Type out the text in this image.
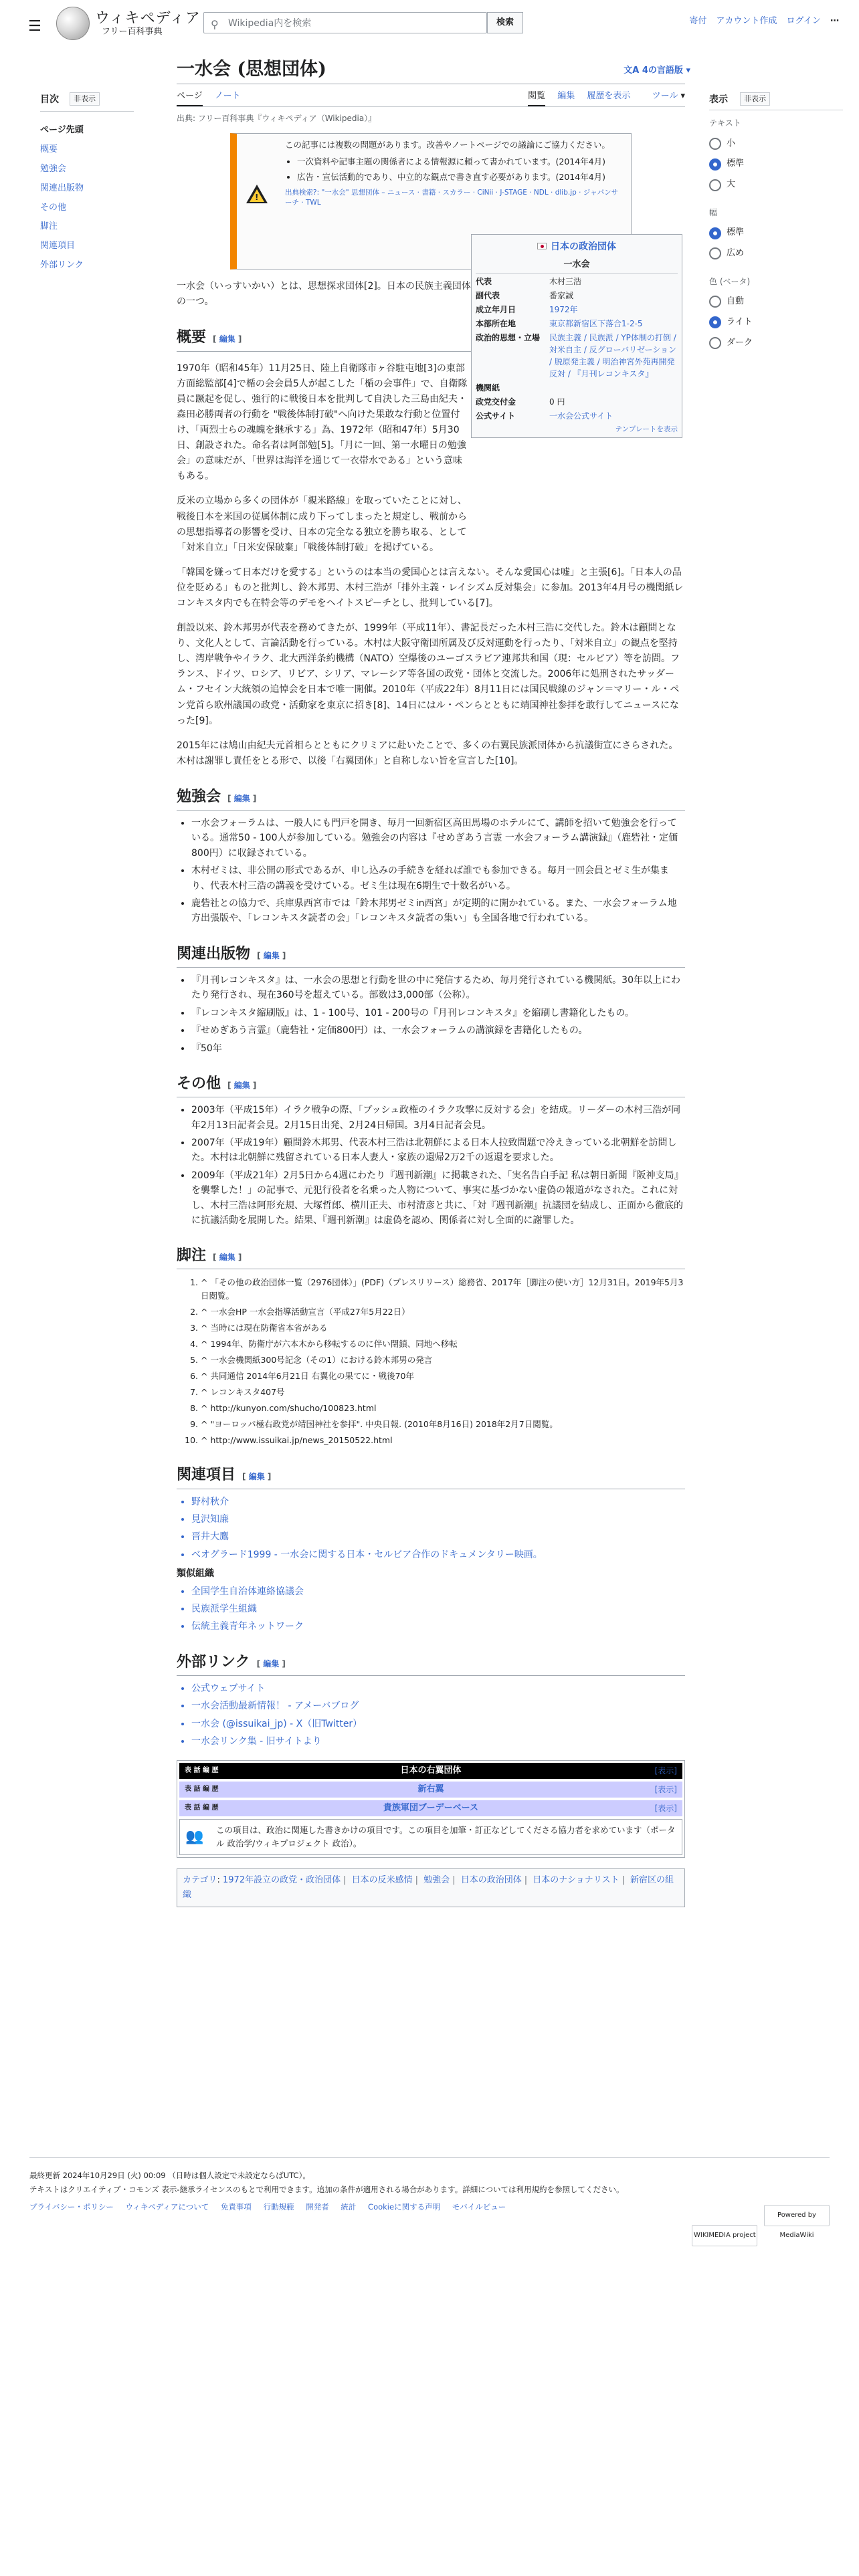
☰	ウィキペディア
フリー百科事典
⚲ Wikipedia内を検索	検索	寄付 アカウント作成 ログイン ⋯
目次	非表示
ページ先頭
概要
勉強会
関連出版物
その他
脚注
関連項目
外部リンク
表示	非表示
テキスト
小
標準
大
幅
標準
広め
色 (ベータ)
自動
ライト
ダーク
一水会 (思想団体)	文A 4の言語版 ▾
ページ ノート	閲覧 編集 履歴を表示 ツール ▾
出典: フリー百科事典『ウィキペディア（Wikipedia）』
!
この記事には複数の問題があります。改善やノートページでの議論にご協力ください。
• 一次資料や記事主題の関係者による情報源に頼って書かれています。(2014年4月)
• 広告・宣伝活動的であり、中立的な観点で書き直す必要があります。(2014年4月)
出典検索?: "一水会" 思想団体 – ニュース · 書籍 · スカラー · CiNii · J-STAGE · NDL · dlib.jp · ジャパンサーチ · TWL
一水会（いっすいかい）とは、思想探求団体[2]。日本の民族主義団体の一つ。
概要 [ 編集 ]
1970年（昭和45年）11月25日、陸上自衛隊市ヶ谷駐屯地[3]の東部方面総監部[4]で楯の会会員5人が起こした「楯の会事件」で、自衛隊員に蹶起を促し、強行的に戦後日本を批判して自決した三島由紀夫・森田必勝両者の行動を "戦後体制打破"へ向けた果敢な行動と位置付け、「両烈士らの魂魄を継承する」為、1972年（昭和47年）5月30日、創設された。命名者は阿部勉[5]。「月に一回、第一水曜日の勉強会」の意味だが、「世界は海洋を通じて一衣帯水である」という意味もある。
反米の立場から多くの団体が「親米路線」を取っていたことに対し、戦後日本を米国の従属体制に成り下ってしまったと規定し、戦前からの思想指導者の影響を受け、日本の完全なる独立を勝ち取る、として「対米自立」「日米安保破棄」「戦後体制打破」を掲げている。
「韓国を嫌って日本だけを愛する」というのは本当の愛国心とは言えない。そんな愛国心は嘘」と主張[6]。「日本人の品位を貶める」ものと批判し、鈴木邦男、木村三浩が「排外主義・レイシズム反対集会」に参加。2013年4月号の機関紙レコンキスタ内でも在特会等のデモをヘイトスピーチとし、批判している[7]。
創設以来、鈴木邦男が代表を務めてきたが、1999年（平成11年）、書記長だった木村三浩に交代した。鈴木は顧問となり、文化人として、言論活動を行っている。木村は大阪守衛団所属及び反対運動を行ったり、「対米自立」の観点を堅持し、湾岸戦争やイラク、北大西洋条約機構（NATO）空爆後のユーゴスラビア連邦共和国（現：セルビア）等を訪問。フランス、ドイツ、ロシア、リビア、シリア、マレーシア等各国の政党・団体と交流した。2006年に処刑されたサッダーム・フセイン大統領の追悼会を日本で唯一開催。2010年（平成22年）8月11日には国民戦線のジャン＝マリー・ル・ペン党首ら欧州議国の政党・活動家を東京に招き[8]、14日にはル・ペンらとともに靖国神社参拝を敢行してニュースになった[9]。
2015年には鳩山由紀夫元首相らとともにクリミアに赴いたことで、多くの右翼民族派団体から抗議街宣にさらされた。木村は謝罪し責任をとる形で、以後「右翼団体」と自称しない旨を宣言した[10]。
勉強会 [ 編集 ]
• 一水会フォーラムは、一般人にも門戸を開き、毎月一回新宿区高田馬場のホテルにて、講師を招いて勉強会を行っている。通常50 - 100人が参加している。勉強会の内容は『せめぎあう言霊 一水会フォーラム講演録』（鹿砦社・定価800円）に収録されている。
• 木村ゼミは、非公開の形式であるが、申し込みの手続きを経れば誰でも参加できる。毎月一回会員とゼミ生が集まり、代表木村三浩の講義を受けている。ゼミ生は現在6期生で十数名がいる。
• 鹿砦社との協力で、兵庫県西宮市では「鈴木邦男ゼミin西宮」が定期的に開かれている。また、一水会フォーラム地方出張版や、「レコンキスタ読者の会」「レコンキスタ読者の集い」も全国各地で行われている。
関連出版物 [ 編集 ]
• 『月刊レコンキスタ』は、一水会の思想と行動を世の中に発信するため、毎月発行されている機関紙。30年以上にわたり発行され、現在360号を超えている。部数は3,000部（公称）。
• 『レコンキスタ縮刷版』は、1 - 100号、101 - 200号の『月刊レコンキスタ』を縮刷し書籍化したもの。
• 『せめぎあう言霊』（鹿砦社・定価800円）は、一水会フォーラムの講演録を書籍化したもの。
• 『50年
その他 [ 編集 ]
• 2003年（平成15年）イラク戦争の際、「ブッシュ政権のイラク攻撃に反対する会」を結成。リーダーの木村三浩が同年2月13日記者会見。2月15日出発、2月24日帰国。3月4日記者会見。
• 2007年（平成19年）顧問鈴木邦男、代表木村三浩は北朝鮮による日本人拉致問題で冷えきっている北朝鮮を訪問した。木村は北朝鮮に残留されている日本人妻人・家族の還帰2万2千の返還を要求した。
• 2009年（平成21年）2月5日から4週にわたり『週刊新潮』に掲載された、「実名告白手記 私は朝日新聞『阪神支局』を襲撃した！」の記事で、元犯行役者を名乗った人物について、事実に基づかない虚偽の報道がなされた。これに対し、木村三浩は阿形充規、大塚哲郎、横川正夫、市村清彦と共に、「対『週刊新潮』抗議団を結成し、正面から徹底的に抗議活動を展開した。結果、『週刊新潮』は虚偽を認め、関係者に対し全面的に謝罪した。
脚注 [ 編集 ]
1. ^ 「その他の政治団体一覧（2976団体）」(PDF)（プレスリリース）総務省、2017年［脚注の使い方］12月31日。2019年5月3日閲覧。
2. ^ 一水会HP 一水会指導活動宣言（平成27年5月22日）
3. ^ 当時には現在防衛省本省がある
4. ^ 1994年、防衛庁が六本木から移転するのに伴い閉鎖、同地へ移転
5. ^ 一水会機関紙300号記念（その1）における鈴木邦男の発言
6. ^ 共同通信 2014年6月21日 右翼化の果てに・戦後70年
7. ^ レコンキスタ407号
8. ^ http://kunyon.com/shucho/100823.html
9. ^ "ヨーロッパ極右政党が靖国神社を参拝". 中央日報. (2010年8月16日) 2018年2月7日閲覧。
10. ^ http://www.issuikai.jp/news_20150522.html
関連項目 [ 編集 ]
• 野村秋介
• 見沢知廉
• 晋井大鷹
• ベオグラード1999 - 一水会に関する日本・セルビア合作のドキュメンタリー映画。
類似組織
• 全国学生自治体連絡協議会
• 民族派学生組織
• 伝統主義青年ネットワーク
外部リンク [ 編集 ]
• 公式ウェブサイト
• 一水会活動最新情報！ - アメーバブログ
• 一水会 (@issuikai_jp) - X（旧Twitter）
• 一水会リンク集 - 旧サイトより
表 話 編 歴	日本の右翼団体	[表示]
表 話 編 歴	新右翼	[表示]
表 話 編 歴	貴族軍団ブーデーベース	[表示]
👥 この項目は、政治に関連した書きかけの項目です。この項目を加筆・訂正などしてくださる協力者を求めています（ポータル 政治学/ウィキプロジェクト 政治）。
カテゴリ: 1972年設立の政党・政治団体 | 日本の反米感情 | 勉強会 | 日本の政治団体 | 日本のナショナリスト | 新宿区の組織
日本の政治団体
一水会
代表	木村三浩
副代表	番家誠
成立年月日	1972年
本部所在地	東京都新宿区下落合1-2-5
政治的思想・立場	民族主義 / 民族派 / YP体制の打倒 / 対米自主 / 反グローバリゼーション / 脱原発主義 / 明治神宮外苑再開発反対 / 『月刊レコンキスタ』
機関紙
政党交付金	0 円
公式サイト	一水会公式サイト
テンプレートを表示
最終更新 2024年10月29日 (火) 00:09 （日時は個人設定で未設定ならばUTC）。
テキストはクリエイティブ・コモンズ 表示-継承ライセンスのもとで利用できます。追加の条件が適用される場合があります。詳細については利用規約を参照してください。
プライバシー・ポリシー ウィキペディアについて 免責事項 行動規範 開発者 統計 Cookieに関する声明 モバイルビュー
WIKIMEDIA project Powered by MediaWiki
